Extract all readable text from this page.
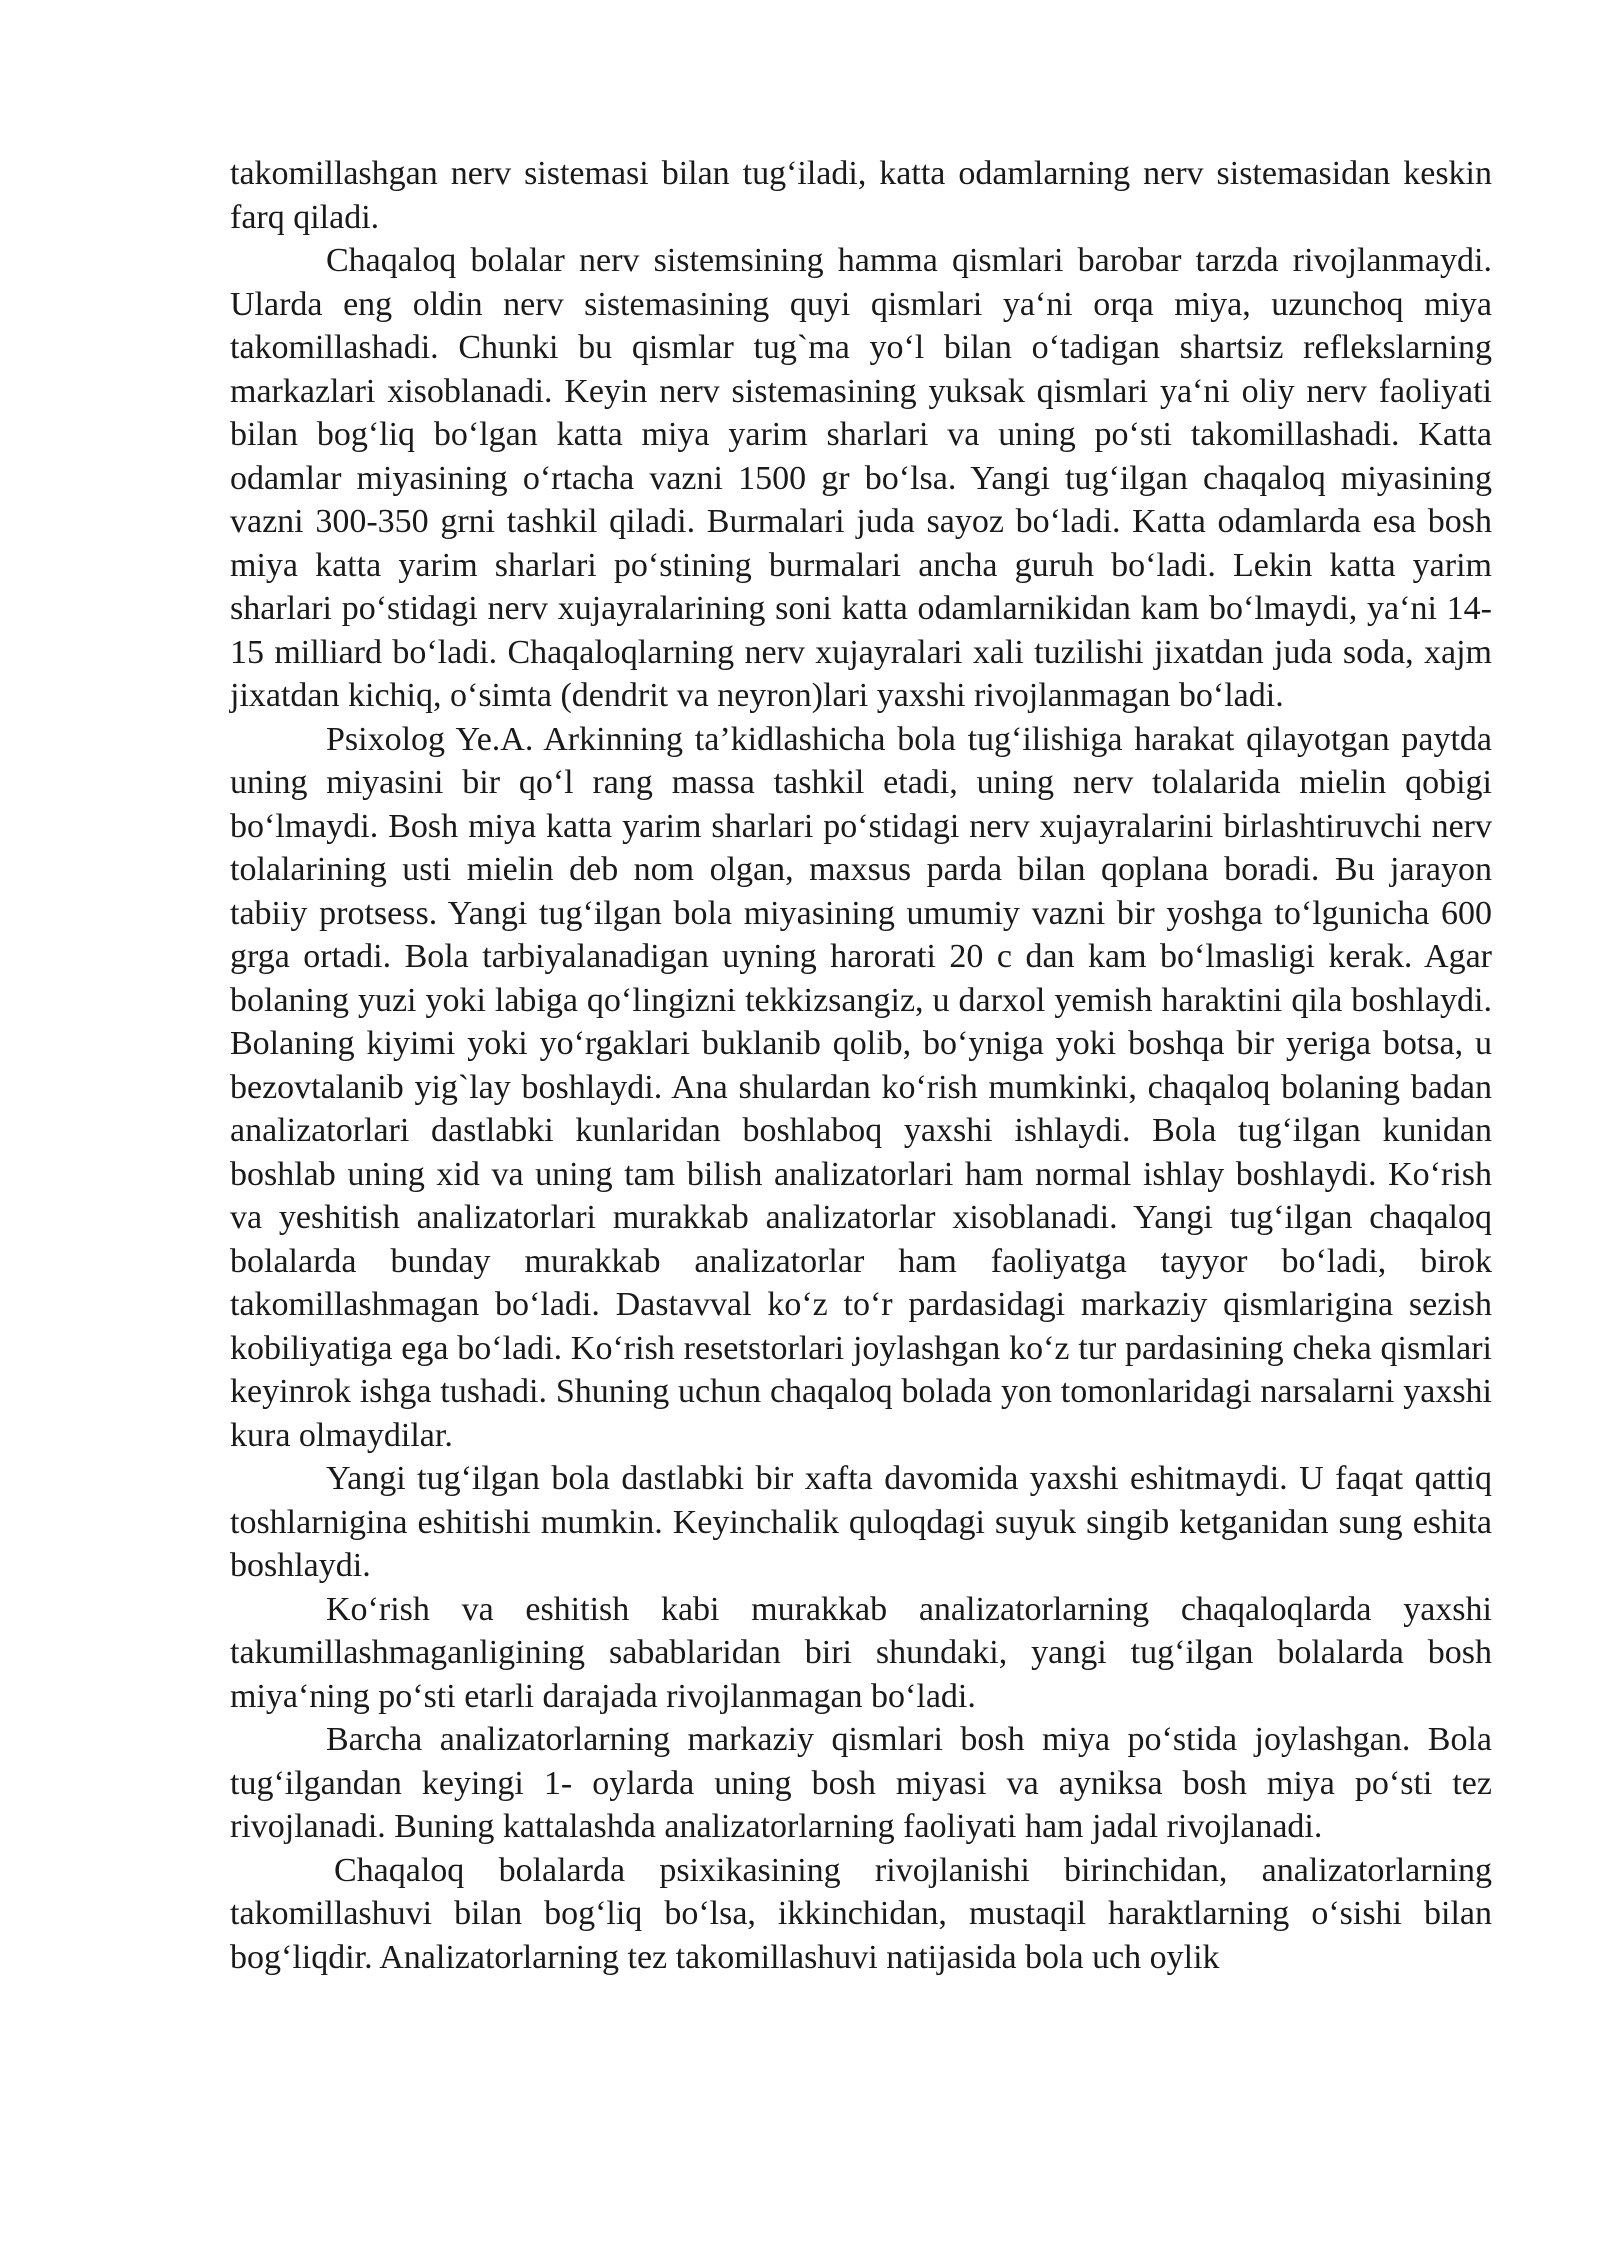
takomillashgan nerv sistemasi bilan tug‘iladi, katta odamlarning nerv sistemasidan keskin farq qiladi.

Chaqaloq bolalar nerv sistemsining hamma qismlari barobar tarzda rivojlanmaydi. Ularda eng oldin nerv sistemasining quyi qismlari ya‘ni orqa miya, uzunchoq miya takomillashadi. Chunki bu qismlar tug`ma yo‘l bilan o‘tadigan shartsiz reflekslarning markazlari xisoblanadi. Keyin nerv sistemasining yuksak qismlari ya‘ni oliy nerv faoliyati bilan bog‘liq bo‘lgan katta miya yarim sharlari va uning po‘sti takomillashadi. Katta odamlar miyasining o‘rtacha vazni 1500 gr bo‘lsa. Yangi tug‘ilgan chaqaloq miyasining vazni 300-350 grni tashkil qiladi. Burmalari juda sayoz bo‘ladi. Katta odamlarda esa bosh miya katta yarim sharlari po‘stining burmalari ancha guruh bo‘ladi. Lekin katta yarim sharlari po‘stidagi nerv xujayralarining soni katta odamlarnikidan kam bo‘lmaydi, ya‘ni 14-15 milliard bo‘ladi. Chaqaloqlarning nerv xujayralari xali tuzilishi jixatdan juda soda, xajm jixatdan kichiq, o‘simta (dendrit va neyron)lari yaxshi rivojlanmagan bo‘ladi.

Psixolog Ye.A. Arkinning ta’kidlashicha bola tug‘ilishiga harakat qilayotgan paytda uning miyasini bir qo‘l rang massa tashkil etadi, uning nerv tolalarida mielin qobigi bo‘lmaydi. Bosh miya katta yarim sharlari po‘stidagi nerv xujayralarini birlashtiruvchi nerv tolalarining usti mielin deb nom olgan, maxsus parda bilan qoplana boradi. Bu jarayon tabiiy protsess. Yangi tug‘ilgan bola miyasining umumiy vazni bir yoshga to‘lgunicha 600 grga ortadi. Bola tarbiyalanadigan uyning harorati 20 c dan kam bo‘lmasligi kerak. Agar bolaning yuzi yoki labiga qo‘lingizni tekkizsangiz, u darxol yemish haraktini qila boshlaydi. Bolaning kiyimi yoki yo‘rgaklari buklanib qolib, bo‘yniga yoki boshqa bir yeriga botsa, u bezovtalanib yig`lay boshlaydi. Ana shulardan ko‘rish mumkinki, chaqaloq bolaning badan analizatorlari dastlabki kunlaridan boshlaboq yaxshi ishlaydi. Bola tug‘ilgan kunidan boshlab uning xid va uning tam bilish analizatorlari ham normal ishlay boshlaydi. Ko‘rish va yeshitish analizatorlari murakkab analizatorlar xisoblanadi. Yangi tug‘ilgan chaqaloq bolalarda bunday murakkab analizatorlar ham faoliyatga tayyor bo‘ladi, birok takomillashmagan bo‘ladi. Dastavval ko‘z to‘r pardasidagi markaziy qismlarigina sezish kobiliyatiga ega bo‘ladi. Ko‘rish resetstorlari joylashgan ko‘z tur pardasining cheka qismlari keyinrok ishga tushadi. Shuning uchun chaqaloq bolada yon tomonlaridagi narsalarni yaxshi kura olmaydilar.

Yangi tug‘ilgan bola dastlabki bir xafta davomida yaxshi eshitmaydi. U faqat qattiq toshlarnigina eshitishi mumkin. Keyinchalik quloqdagi suyuk singib ketganidan sung eshita boshlaydi.

Ko‘rish va eshitish kabi murakkab analizatorlarning chaqaloqlarda yaxshi takumillashmaganligining sabablaridan biri shundaki, yangi tug‘ilgan bolalarda bosh miya‘ning po‘sti etarli darajada rivojlanmagan bo‘ladi.

Barcha analizatorlarning markaziy qismlari bosh miya po‘stida joylashgan. Bola tug‘ilgandan keyingi 1- oylarda uning bosh miyasi va ayniksa bosh miya po‘sti tez rivojlanadi. Buning kattalashda analizatorlarning faoliyati ham jadal rivojlanadi.

Chaqaloq bolalarda psixikasining rivojlanishi birinchidan, analizatorlarning takomillashuvi bilan bog‘liq bo‘lsa, ikkinchidan, mustaqil haraktlarning o‘sishi bilan bog‘liqdir. Analizatorlarning tez takomillashuvi natijasida bola uch oylik
